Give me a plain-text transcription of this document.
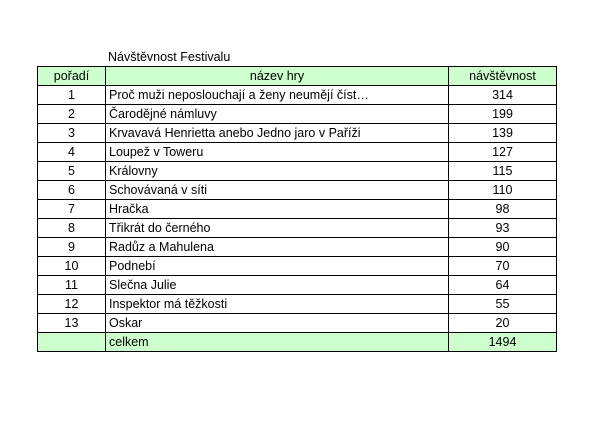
Návštěvnost Festivalu
pořadí	název hry	návštěvnost
1	Proč muži neposlouchají a ženy neumějí číst…	314
2	Čarodějné námluvy	199
3	Krvavavá Henrietta anebo Jedno jaro v Paříži	139
4	Loupež v Toweru	127
5	Královny	115
6	Schovávaná v síti	110
7	Hračka	98
8	Třikrát do černého	93
9	Radůz a Mahulena	90
10	Podnebí	70
11	Slečna Julie	64
12	Inspektor má těžkosti	55
13	Oskar	20
	celkem	1494
